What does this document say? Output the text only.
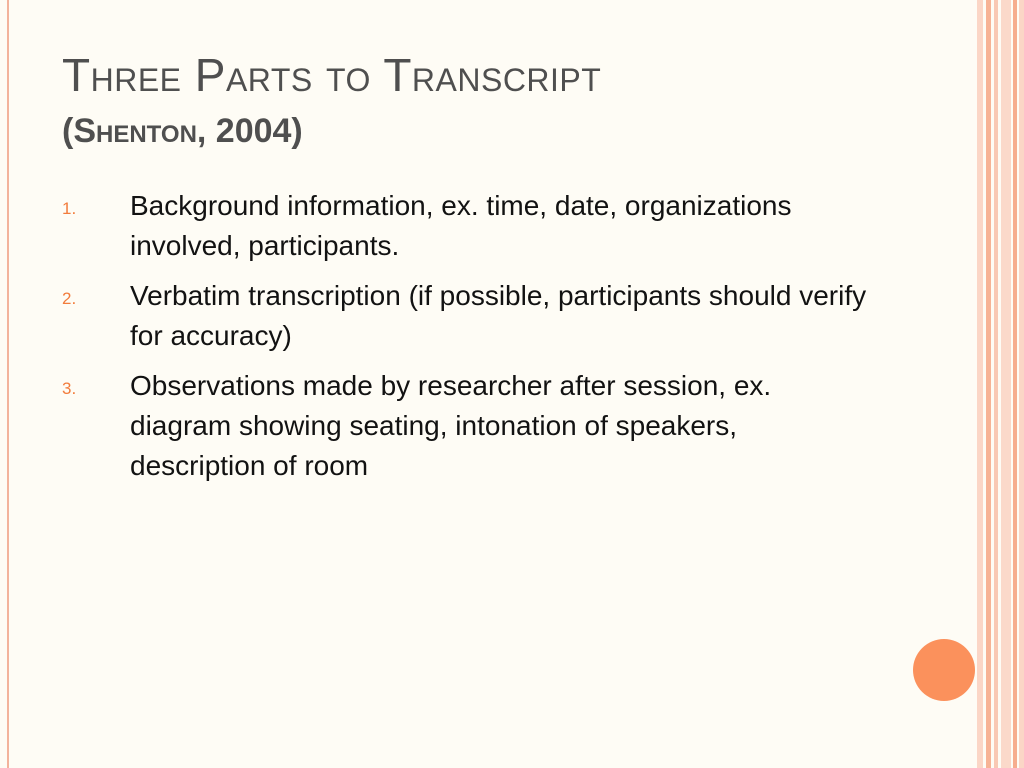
Three Parts to Transcript
(Shenton, 2004)
1.	Background information, ex. time, date, organizations involved, participants.
2.	Verbatim transcription (if possible, participants should verify for accuracy)
3.	Observations made by researcher after session, ex. diagram showing seating, intonation of speakers, description of room
